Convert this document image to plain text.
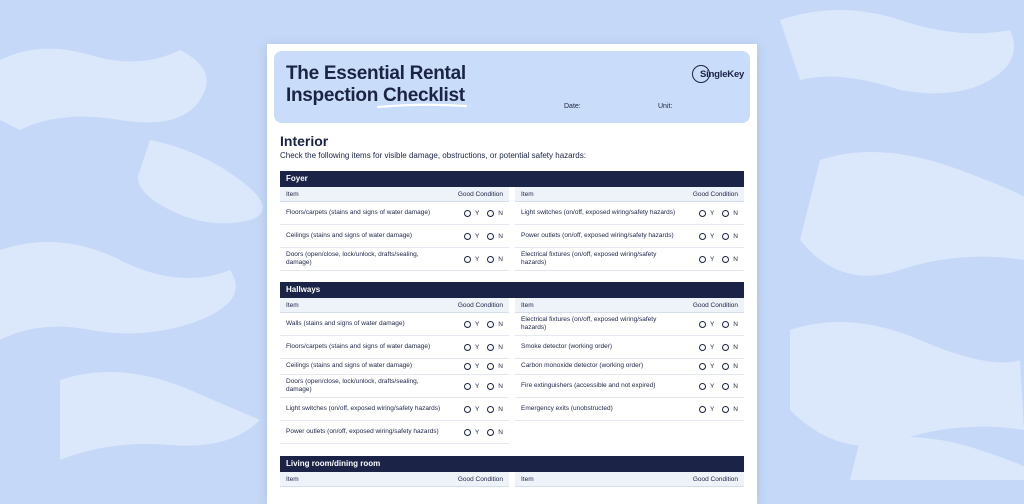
The Essential Rental
Inspection Checklist
Date:	Unit:
SingleKey
Interior
Check the following items for visible damage, obstructions, or potential safety hazards:
Foyer
Item	Good Condition
Floors/carpets (stains and signs of water damage)	Y	N
Ceilings (stains and signs of water damage)	Y	N
Doors (open/close, lock/unlock, drafts/sealing, damage)	Y	N
Item	Good Condition
Light switches (on/off, exposed wiring/safety hazards)	Y	N
Power outlets (on/off, exposed wiring/safety hazards)	Y	N
Electrical fixtures (on/off, exposed wiring/safety hazards)	Y	N
Hallways
Item	Good Condition
Walls (stains and signs of water damage)	Y	N
Floors/carpets (stains and signs of water damage)	Y	N
Ceilings (stains and signs of water damage)	Y	N
Doors (open/close, lock/unlock, drafts/sealing, damage)	Y	N
Light switches (on/off, exposed wiring/safety hazards)	Y	N
Power outlets (on/off, exposed wiring/safety hazards)	Y	N
Item	Good Condition
Electrical fixtures (on/off, exposed wiring/safety hazards)	Y	N
Smoke detector (working order)	Y	N
Carbon monoxide detector (working order)	Y	N
Fire extinguishers (accessible and not expired)	Y	N
Emergency exits (unobstructed)	Y	N
Living room/dining room
Item	Good Condition	Item	Good Condition
